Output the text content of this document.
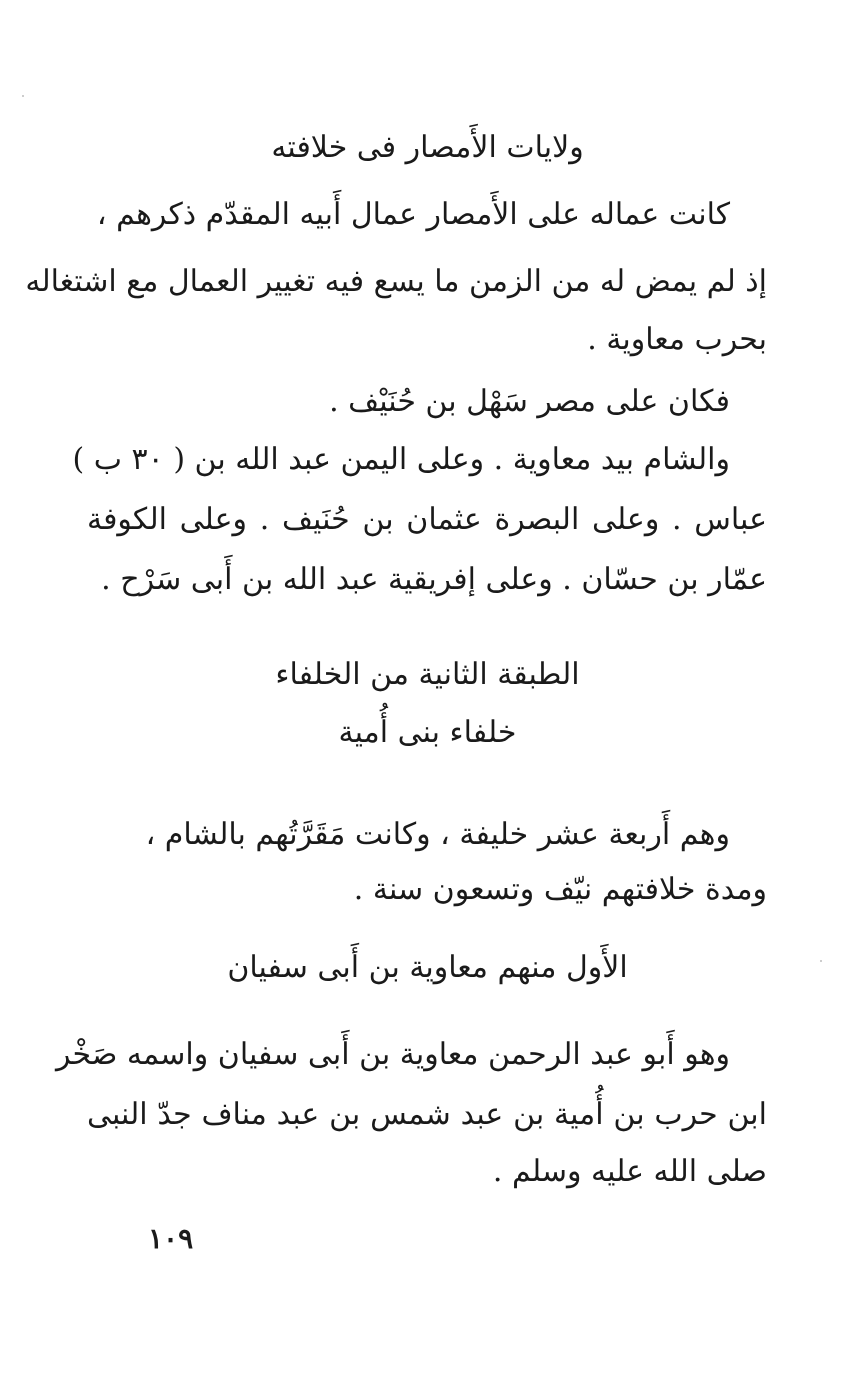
ولايات الأَمصار فى خلافته
كانت عماله على الأَمصار عمال أَبيه المقدّم ذكرهم ،
إذ لم يمض له من الزمن ما يسع فيه تغيير العمال مع اشتغاله
بحرب معاوية .
فكان على مصر سَهْل بن حُنَيْف .
والشام بيد معاوية . وعلى اليمن عبد الله بن ( ٣٠ ب )
عباس . وعلى البصرة عثمان بن حُنَيف . وعلى الكوفة
عمّار بن حسّان . وعلى إفريقية عبد الله بن أَبى سَرْح .
الطبقة الثانية من الخلفاء
خلفاء بنى أُمية
وهم أَربعة عشر خليفة ، وكانت مَقَرَّتُهم بالشام ،
ومدة خلافتهم نيّف وتسعون سنة .
الأَول منهم معاوية بن أَبى سفيان
وهو أَبو عبد الرحمن معاوية بن أَبى سفيان واسمه صَخْر
ابن حرب بن أُمية بن عبد شمس بن عبد مناف جدّ النبى
صلى الله عليه وسلم .
١٠٩
